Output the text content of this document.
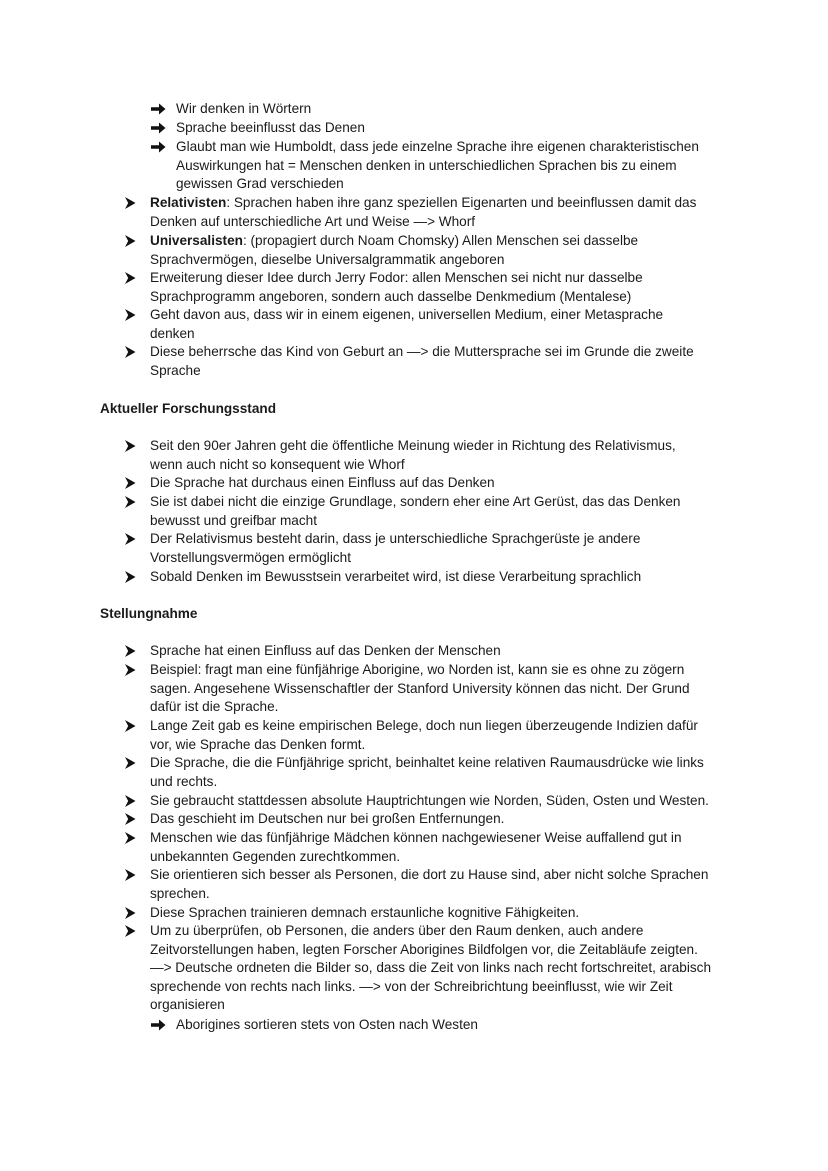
Wir denken in Wörtern
Sprache beeinflusst das Denen
Glaubt man wie Humboldt, dass jede einzelne Sprache ihre eigenen charakteristischen
Auswirkungen hat = Menschen denken in unterschiedlichen Sprachen bis zu einem
gewissen Grad verschieden
Relativisten: Sprachen haben ihre ganz speziellen Eigenarten und beeinflussen damit das
Denken auf unterschiedliche Art und Weise —> Whorf
Universalisten: (propagiert durch Noam Chomsky) Allen Menschen sei dasselbe
Sprachvermögen, dieselbe Universalgrammatik angeboren
Erweiterung dieser Idee durch Jerry Fodor: allen Menschen sei nicht nur dasselbe
Sprachprogramm angeboren, sondern auch dasselbe Denkmedium (Mentalese)
Geht davon aus, dass wir in einem eigenen, universellen Medium, einer Metasprache
denken
Diese beherrsche das Kind von Geburt an —> die Muttersprache sei im Grunde die zweite
Sprache
Aktueller Forschungsstand
Seit den 90er Jahren geht die öffentliche Meinung wieder in Richtung des Relativismus,
wenn auch nicht so konsequent wie Whorf
Die Sprache hat durchaus einen Einfluss auf das Denken
Sie ist dabei nicht die einzige Grundlage, sondern eher eine Art Gerüst, das das Denken
bewusst und greifbar macht
Der Relativismus besteht darin, dass je unterschiedliche Sprachgerüste je andere
Vorstellungsvermögen ermöglicht
Sobald Denken im Bewusstsein verarbeitet wird, ist diese Verarbeitung sprachlich
Stellungnahme
Sprache hat einen Einfluss auf das Denken der Menschen
Beispiel: fragt man eine fünfjährige Aborigine, wo Norden ist, kann sie es ohne zu zögern
sagen. Angesehene Wissenschaftler der Stanford University können das nicht. Der Grund
dafür ist die Sprache.
Lange Zeit gab es keine empirischen Belege, doch nun liegen überzeugende Indizien dafür
vor, wie Sprache das Denken formt.
Die Sprache, die die Fünfjährige spricht, beinhaltet keine relativen Raumausdrücke wie links
und rechts.
Sie gebraucht stattdessen absolute Hauptrichtungen wie Norden, Süden, Osten und Westen.
Das geschieht im Deutschen nur bei großen Entfernungen.
Menschen wie das fünfjährige Mädchen können nachgewiesener Weise auffallend gut in
unbekannten Gegenden zurechtkommen.
Sie orientieren sich besser als Personen, die dort zu Hause sind, aber nicht solche Sprachen
sprechen.
Diese Sprachen trainieren demnach erstaunliche kognitive Fähigkeiten.
Um zu überprüfen, ob Personen, die anders über den Raum denken, auch andere
Zeitvorstellungen haben, legten Forscher Aborigines Bildfolgen vor, die Zeitabläufe zeigten.
—> Deutsche ordneten die Bilder so, dass die Zeit von links nach recht fortschreitet, arabisch
sprechende von rechts nach links. —> von der Schreibrichtung beeinflusst, wie wir Zeit
organisieren
Aborigines sortieren stets von Osten nach Westen
